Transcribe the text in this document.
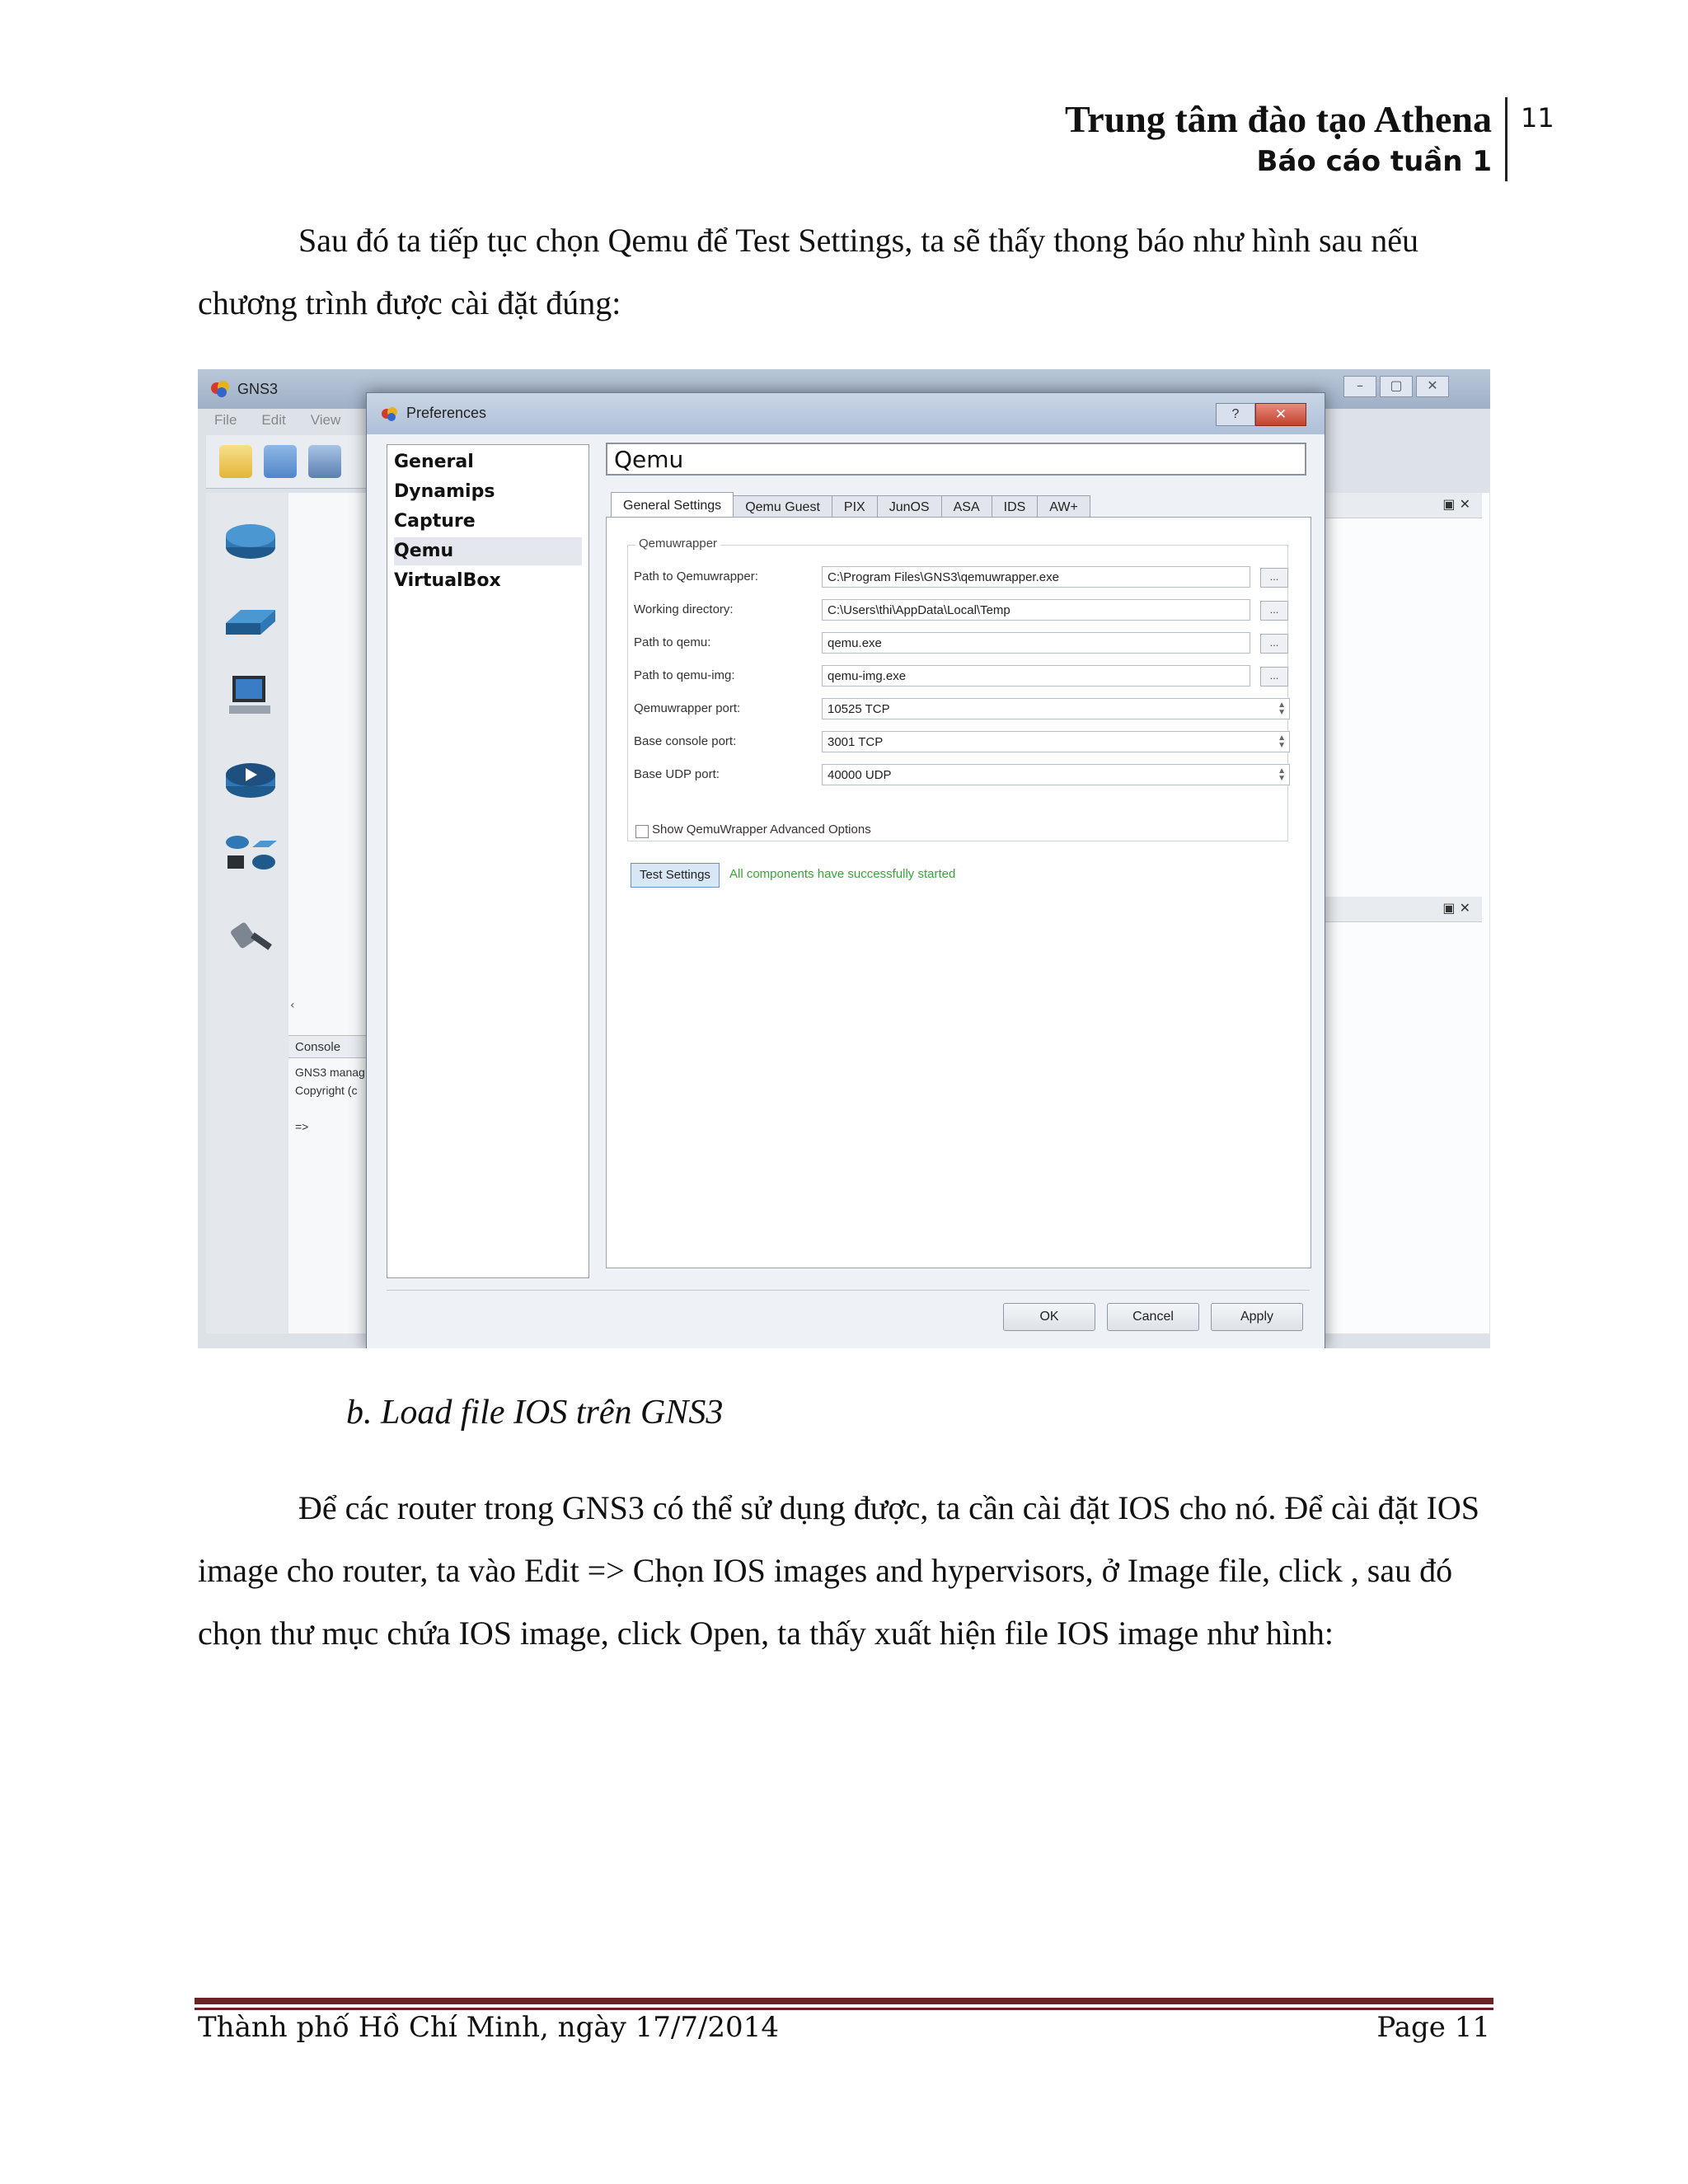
Trung tâm đào tạo Athena
Báo cáo tuần 1
11
Sau đó ta tiếp tục chọn Qemu để Test Settings, ta sẽ thấy thong báo như hình sau nếu chương trình được cài đặt đúng:
GNS3	– ▢ ✕
File Edit View
‹
Console
GNS3 manag
Copyright (c

=>
▣ ✕
▣ ✕
Preferences	?	✕
General
Dynamips
Capture
Qemu
VirtualBox
Qemu
General Settings Qemu Guest PIX JunOS ASA IDS AW+
Qemuwrapper
Path to Qemuwrapper:	C:\Program Files\GNS3\qemuwrapper.exe	...
Working directory:	C:\Users\thi\AppData\Local\Temp	...
Path to qemu:	qemu.exe	...
Path to qemu-img:	qemu-img.exe	...
Qemuwrapper port:	10525 TCP	▲
▼
Base console port:	3001 TCP	▲
▼
Base UDP port:	40000 UDP	▲
▼
Show QemuWrapper Advanced Options
Test Settings	All components have successfully started
OK	Cancel	Apply
b. Load file IOS trên GNS3
Để các router trong GNS3 có thể sử dụng được, ta cần cài đặt IOS cho nó. Để cài đặt IOS image cho router, ta vào Edit => Chọn IOS images and hypervisors, ở Image file, click , sau đó chọn thư mục chứa IOS image, click Open, ta thấy xuất hiện file IOS image như hình:
Thành phố Hồ Chí Minh, ngày 17/7/2014	Page 11
